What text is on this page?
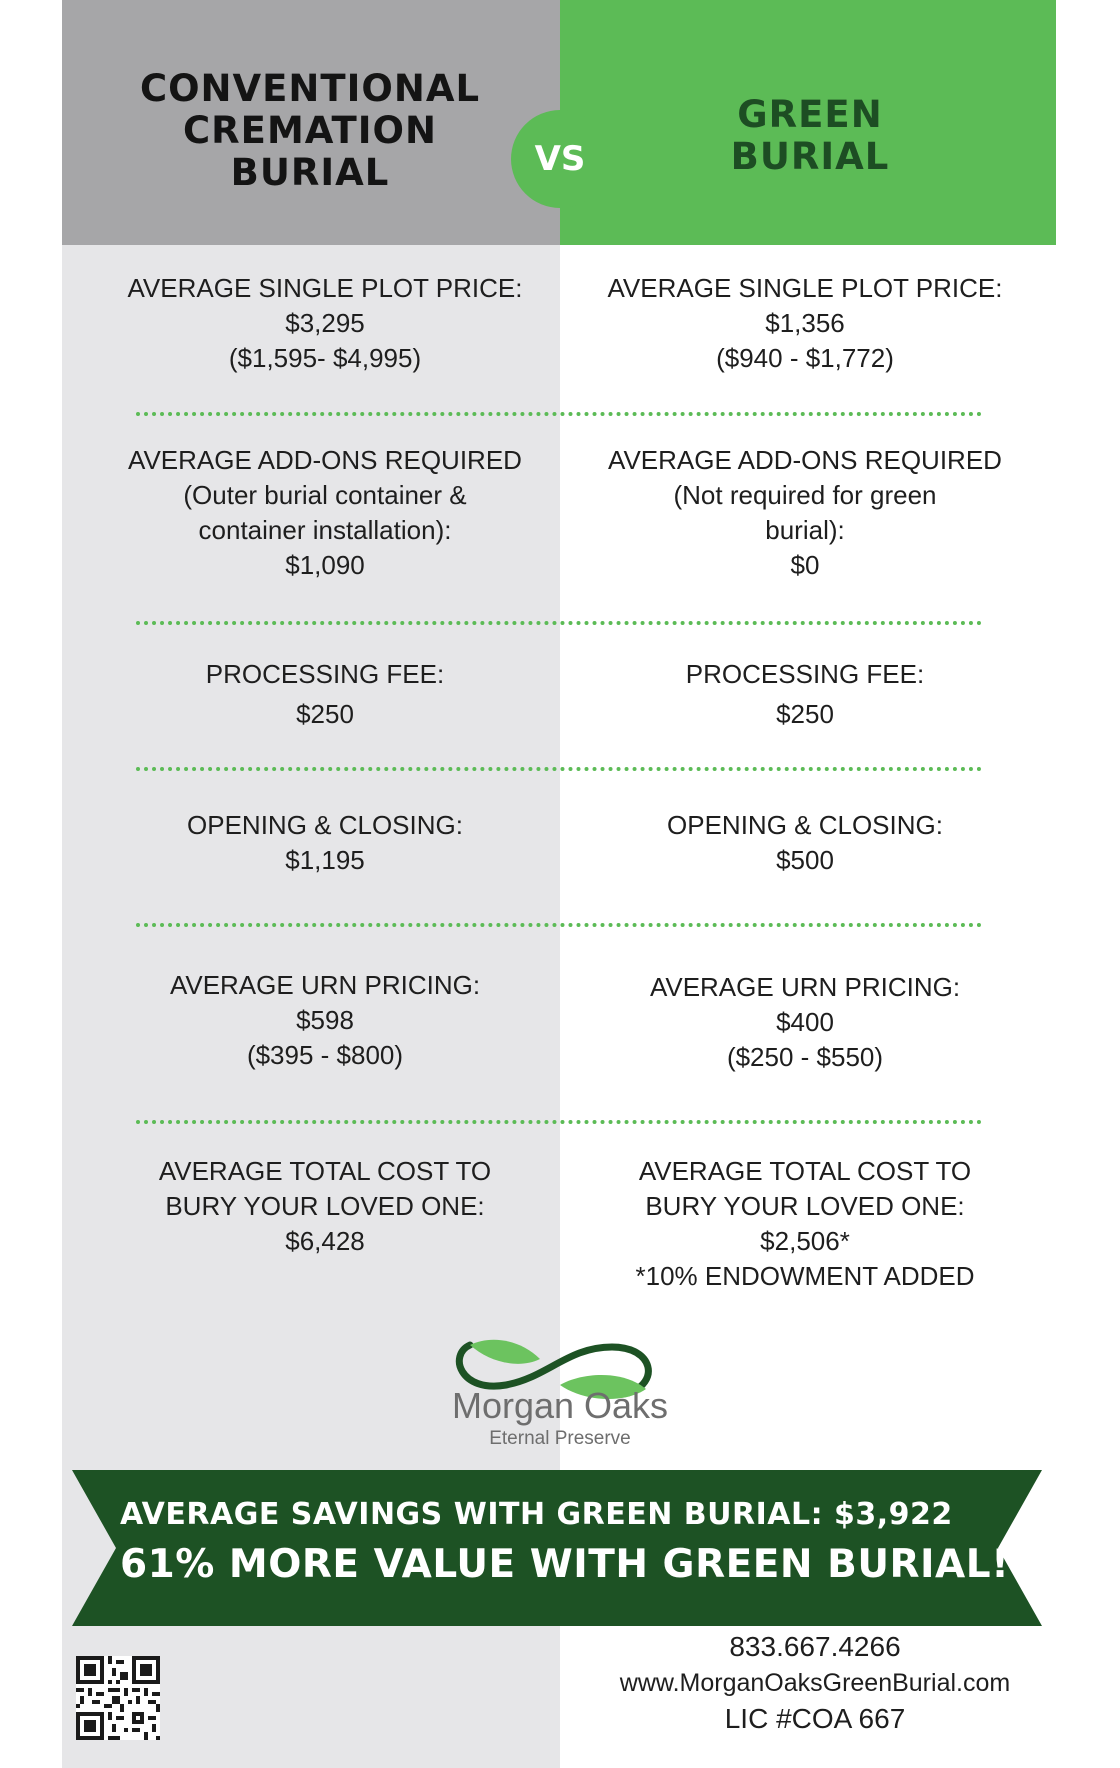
CONVENTIONAL
CREMATION
BURIAL
GREEN
BURIAL
VS
AVERAGE SINGLE PLOT PRICE:
$3,295
($1,595- $4,995)
AVERAGE SINGLE PLOT PRICE:
$1,356
($940 - $1,772)
AVERAGE ADD-ONS REQUIRED
(Outer burial container &
container installation):
$1,090
AVERAGE ADD-ONS REQUIRED
(Not required for green
burial):
$0
PROCESSING FEE:
$250
PROCESSING FEE:
$250
OPENING & CLOSING:
$1,195
OPENING & CLOSING:
$500
AVERAGE URN PRICING:
$598
($395 - $800)
AVERAGE URN PRICING:
$400
($250 - $550)
AVERAGE TOTAL COST TO
BURY YOUR LOVED ONE:
$6,428
AVERAGE TOTAL COST TO
BURY YOUR LOVED ONE:
$2,506*
*10% ENDOWMENT ADDED
Morgan Oaks
Eternal Preserve
AVERAGE SAVINGS WITH GREEN BURIAL: $3,922
61% MORE VALUE WITH GREEN BURIAL!
833.667.4266
www.MorganOaksGreenBurial.com
LIC #COA 667
